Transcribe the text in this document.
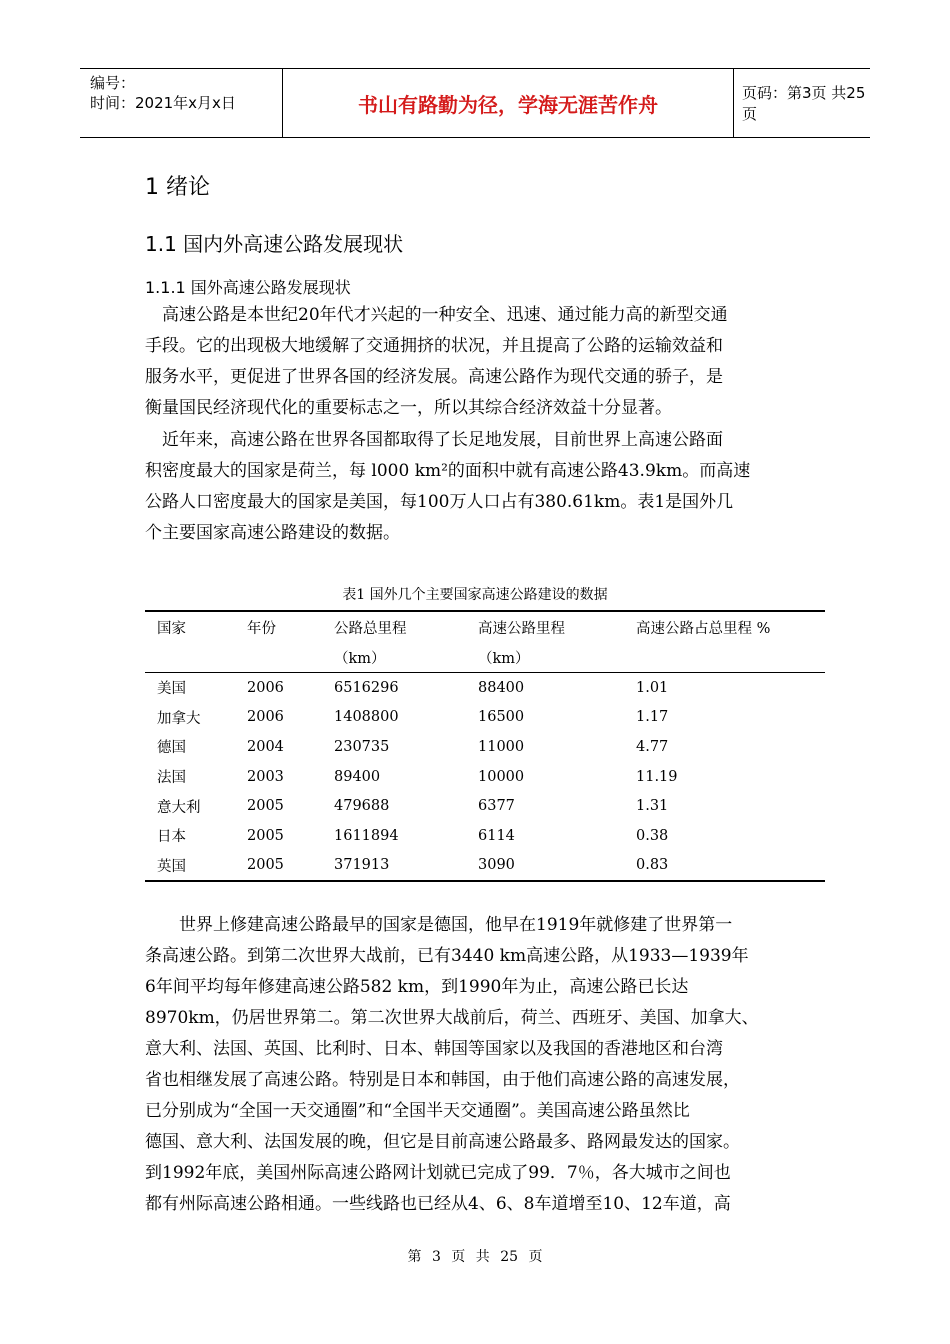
编号：
时间：2021年x月x日	书山有路勤为径，学海无涯苦作舟	页码：第3页 共25页
1 绪论
1.1 国内外高速公路发展现状
1.1.1 国外高速公路发展现状

　高速公路是本世纪20年代才兴起的一种安全、迅速、通过能力高的新型交通
手段。它的出现极大地缓解了交通拥挤的状况，并且提高了公路的运输效益和
服务水平，更促进了世界各国的经济发展。高速公路作为现代交通的骄子，是
衡量国民经济现代化的重要标志之一，所以其综合经济效益十分显著。

　近年来，高速公路在世界各国都取得了长足地发展，目前世界上高速公路面
积密度最大的国家是荷兰，每 l000 km²的面积中就有高速公路43.9km。而高速
公路人口密度最大的国家是美国，每100万人口占有380.61km。表1是国外几
个主要国家高速公路建设的数据。

表1 国外几个主要国家高速公路建设的数据
国家	年份	公路总里程	高速公路里程	高速公路占总里程 %
		（km）	（km）	
美国	2006	6516296	88400	1.01
加拿大	2006	1408800	16500	1.17
德国	2004	230735	11000	4.77
法国	2003	89400	10000	11.19
意大利	2005	479688	6377	1.31
日本	2005	1611894	6114	0.38
英国	2005	371913	3090	0.83

　　世界上修建高速公路最早的国家是德国，他早在1919年就修建了世界第一
条高速公路。到第二次世界大战前，已有3440 km高速公路，从1933—1939年
6年间平均每年修建高速公路582 km，到1990年为止，高速公路已长达
8970km，仍居世界第二。第二次世界大战前后，荷兰、西班牙、美国、加拿大、
意大利、法国、英国、比利时、日本、韩国等国家以及我国的香港地区和台湾
省也相继发展了高速公路。特别是日本和韩国，由于他们高速公路的高速发展，
已分别成为“全国一天交通圈”和“全国半天交通圈”。美国高速公路虽然比
德国、意大利、法国发展的晚，但它是目前高速公路最多、路网最发达的国家。
到1992年底，美国州际高速公路网计划就已完成了99．7％，各大城市之间也
都有州际高速公路相通。一些线路也已经从4、6、8车道增至10、12车道，高

第 3 页 共 25 页
